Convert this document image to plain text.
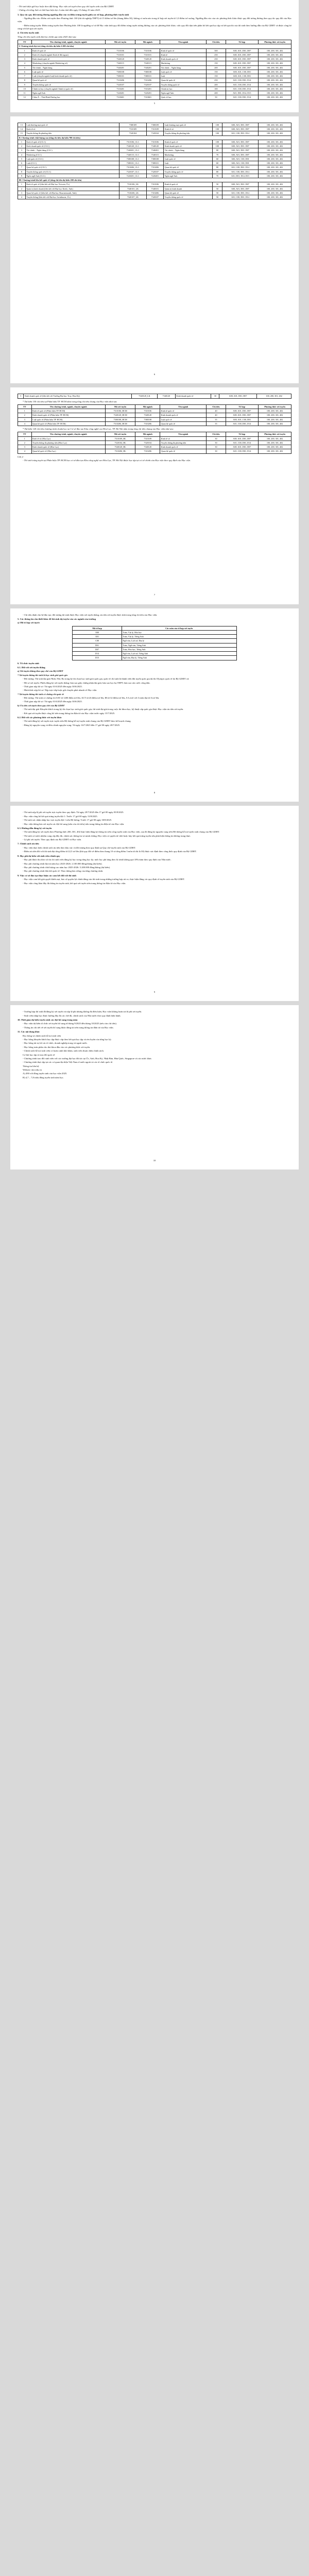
- Thí sinh diện gửi học hoặc theo đặt hàng: Học viện xét tuyển theo quy chế tuyển sinh của Bộ GDĐT.

- Chứng chỉ tiếng Anh có thời hạn hiệu lực 2 năm tính đến ngày 15 tháng 10 năm 2025.

3. Quy tắc quy đổi tương đương ngưỡng đầu vào và điểm trúng tuyển giữa các tổ hợp, phương thức tuyển sinh

- Ngưỡng đầu vào: Điểm xét tuyển theo Phương thức 100 (thi tốt nghiệp THPT) từ 15 điểm trở lên (thang điểm 30), không có môn nào trong tổ hợp xét tuyển từ 1,0 điểm trở xuống. Ngưỡng đầu vào của các phương thức khác được quy đổi tương đương theo quy tắc quy đổi của Học viện.

- Điểm trúng tuyển: Điểm trúng tuyển theo Phương thức 100 là ngưỡng cơ sở để Học viện tính quy đổi điểm trúng tuyển tương đương của các phương thức khác; việc quy đổi dựa trên phân bố kết quả học tập và kết quả thi của thí sinh theo hướng dẫn của Bộ GDĐT và được công bố cùng với kết quả xét tuyển.

4. Chỉ tiêu tuyển sinh

Tổng chỉ tiêu tuyển sinh đại học chính quy năm 2025 như sau:

TT	Tên chương trình, ngành, chuyên ngành	Mã xét tuyển	Mã ngành	Tên ngành	Chỉ tiêu	Tổ hợp	Phương thức xét tuyển
I. Chương trình đại trà (tổng chỉ tiêu dự kiến 2.200 chỉ tiêu)							
1	Kinh tế quốc tế	7310106	7310106	Kinh tế quốc tế	300	A00, A01, D01, D07	100, 200, 301, 402
2	Kinh tế (chuyên ngành Kinh tế đối ngoại)	7310101	7310101	Kinh tế	250	A00, A01, D01, D07	100, 200, 301, 402
3	Kinh doanh quốc tế	7340120	7340120	Kinh doanh quốc tế	250	A00, A01, D01, D07	100, 200, 301, 402
4	Marketing (chuyên ngành Marketing số)	7340115	7340115	Marketing	150	A00, A01, D01, D07	100, 200, 301, 402
5	Tài chính – Ngân hàng	7340201	7340201	Tài chính – Ngân hàng	200	A00, A01, D01, D07	100, 200, 301, 402
6	Luật quốc tế	7380108	7380108	Luật quốc tế	150	A00, A01, C00, D01	100, 200, 301, 402
7	Luật (chuyên ngành Luật kinh doanh quốc tế)	7380101	7380101	Luật	150	A00, A01, C00, D01	100, 200, 301, 402
8	Quan hệ quốc tế	7310206	7310206	Quan hệ quốc tế	250	A01, C00, D01, D14	100, 200, 301, 402
9	Truyền thông quốc tế	7320107	7320107	Truyền thông quốc tế	200	A01, C00, D01, D14	100, 200, 301, 402
10	Chính trị học (chuyên ngành Chính trị quốc tế)	7310201	7310201	Chính trị học	100	A01, C00, D01, D14	100, 200, 301, 402
11	Ngôn ngữ Anh	7220201	7220201	Ngôn ngữ Anh	200	A01, D01, D14, D15	100, 200, 301, 402
12	Châu Á – Thái Bình Dương học	7310601	7310601	Quốc tế học	50	A01, C00, D01, D14	100, 200, 301, 402
5
13	Luật thương mại quốc tế	7380109	7380109	Luật thương mại quốc tế	100	A00, A01, D01, D07	100, 200, 301, 402
14	Kinh tế số	7310109	7310109	Kinh tế số	100	A00, A01, D01, D07	100, 200, 301, 402
15	Truyền thông đa phương tiện	7320104	7320104	Truyền thông đa phương tiện	100	A01, C00, D01, D14	100, 200, 301, 402
II. Chương trình chất lượng cao (tổng chỉ tiêu dự kiến 700 chỉ tiêu)							
1	Kinh tế quốc tế (CLC)	7310106_CLC	7310106	Kinh tế quốc tế	100	A00, A01, D01, D07	100, 200, 301, 402
2	Kinh doanh quốc tế (CLC)	7340120_CLC	7340120	Kinh doanh quốc tế	100	A00, A01, D01, D07	100, 200, 301, 402
3	Tài chính – Ngân hàng (CLC)	7340201_CLC	7340201	Tài chính – Ngân hàng	80	A00, A01, D01, D07	100, 200, 301, 402
4	Marketing (CLC)	7340115_CLC	7340115	Marketing	70	A00, A01, D01, D07	100, 200, 301, 402
5	Luật quốc tế (CLC)	7380108_CLC	7380108	Luật quốc tế	60	A00, A01, C00, D01	100, 200, 301, 402
6	Luật (CLC)	7380101_CLC	7380101	Luật	60	A00, A01, C00, D01	100, 200, 301, 402
7	Quan hệ quốc tế (CLC)	7310206_CLC	7310206	Quan hệ quốc tế	80	A01, C00, D01, D14	100, 200, 301, 402
8	Truyền thông quốc tế (CLC)	7320107_CLC	7320107	Truyền thông quốc tế	80	A01, C00, D01, D14	100, 200, 301, 402
9	Ngôn ngữ Anh (CLC)	7220201_CLC	7220201	Ngôn ngữ Anh	70	A01, D01, D14, D15	100, 200, 301, 402
III. Chương trình liên kết quốc tế (tổng chỉ tiêu dự kiến 200 chỉ tiêu)							
1	Kinh tế quốc tế (liên kết với Đại học Victoria, Úc)	7310106_LK	7310106	Kinh tế quốc tế	50	A00, A01, D01, D07	100, 200, 301, 402
2	Quản trị kinh doanh (liên kết với Đại học Keele, Anh)	7340101_LK	7340101	Quản trị kinh doanh	50	A00, A01, D01, D07	100, 200, 301, 402
3	Quan hệ quốc tế (liên kết với Đại học Bournemouth, Anh)	7310206_LK	7310206	Quan hệ quốc tế	50	A01, C00, D01, D14	100, 200, 301, 402
4	Truyền thông (liên kết với Đại học Swinburne, Úc)	7320107_LK	7320107	Truyền thông quốc tế	50	A01, C00, D01, D14	100, 200, 301, 402
6
5	Kinh doanh quốc tế (liên kết với Trường Đại học Troy, Hoa Kỳ)	7340120_LK	7340120	Kinh doanh quốc tế	30	A00, A01, D01, D07	100, 200, 301, 402

* Dự kiến 150 chỉ tiêu tại Phân hiệu TP. HCM nằm trong tổng chỉ tiêu chung của Học viện như sau:

TT	Tên chương trình, ngành, chuyên ngành	Mã xét tuyển	Mã ngành	Tên ngành	Chỉ tiêu	Tổ hợp	Phương thức xét tuyển
1	Kinh tế quốc tế (Phân hiệu TP. HCM)	7310106_HCM	7310106	Kinh tế quốc tế	40	A00, A01, D01, D07	100, 200, 301, 402
2	Kinh doanh quốc tế (Phân hiệu TP. HCM)	7340120_HCM	7340120	Kinh doanh quốc tế	40	A00, A01, D01, D07	100, 200, 301, 402
3	Luật quốc tế (Phân hiệu TP. HCM)	7380108_HCM	7380108	Luật quốc tế	35	A00, A01, C00, D01	100, 200, 301, 402
4	Quan hệ quốc tế (Phân hiệu TP. HCM)	7310206_HCM	7310206	Quan hệ quốc tế	35	A01, C00, D01, D14	100, 200, 301, 402

* Dự kiến 120 chỉ tiêu chương trình chuẩn học tại Cơ sở đào tạo Khu công nghệ cao Hòa Lạc, TP. Hà Nội nằm trong tổng chỉ tiêu chung của Học viện như sau:

TT	Tên chương trình, ngành, chuyên ngành	Mã xét tuyển	Mã ngành	Tên ngành	Chỉ tiêu	Tổ hợp	Phương thức xét tuyển
1	Kinh tế số (Hòa Lạc)	7310109_HL	7310109	Kinh tế số	30	A00, A01, D01, D07	100, 200, 301, 402
2	Truyền thông đa phương tiện (Hòa Lạc)	7320104_HL	7320104	Truyền thông đa phương tiện	30	A01, C00, D01, D14	100, 200, 301, 402
3	Kinh doanh quốc tế (Hòa Lạc)	7340120_HL	7340120	Kinh doanh quốc tế	30	A00, A01, D01, D07	100, 200, 301, 402
4	Quan hệ quốc tế (Hòa Lạc)	7310206_HL	7310206	Quan hệ quốc tế	30	A01, C00, D01, D14	100, 200, 301, 402

Lưu ý:

- Thí sinh trúng tuyển tại Phân hiệu TP. HCM học cơ sở đào tạo Khu công nghệ cao Hòa Lạc, TP. Hà Nội được học tập tại cơ sở chính của Học viện theo quy định của Học viện.

7

- Chỉ tiêu dành cho hệ đào tạo; đối tượng thí sinh được Học viện xét tuyển thẳng, ưu tiên xét tuyển được tính trong tổng chỉ tiêu của Học viện.

5. Các thông tin cần thiết khác để thí sinh dự tuyển vào các ngành của trường

a) Mã tổ hợp xét tuyển

Mã tổ hợp	Các môn của tổ hợp xét tuyển
A00	Toán, Vật lý, Hóa học
A01	Toán, Vật lý, Tiếng Anh
C00	Ngữ văn, Lịch sử, Địa lý
D01	Toán, Ngữ văn, Tiếng Anh
D07	Toán, Hóa học, Tiếng Anh
D14	Ngữ văn, Lịch sử, Tiếng Anh
D15	Ngữ văn, Địa lý, Tiếng Anh

6. Tổ chức tuyển sinh

6.1. Đối với xét tuyển thẳng

a) Xét tuyển thẳng theo quy chế của Bộ GDĐT

* Xét tuyển thẳng thí sinh là học sinh giỏi quốc gia

- Đối tượng: Thí sinh đạt giải Nhất, Nhì, Ba trong kỳ thi chọn học sinh giỏi quốc gia, quốc tế; thí sinh là thành viên đội tuyển quốc gia dự thi Olympic quốc tế do Bộ GDĐT cử.

- Hồ sơ xét tuyển: Phiếu đăng ký xét tuyển thẳng; bản sao giấy chứng nhận đạt giải; bản sao học bạ THPT; bản sao căn cước công dân.

- Thời gian nộp hồ sơ: Từ ngày 01/6/2025 đến ngày 30/6/2025.

- Hình thức nộp hồ sơ: Nộp trực tiếp hoặc gửi chuyển phát nhanh về Học viện.

* Xét tuyển thẳng thí sinh có chứng chỉ quốc tế

- Đối tượng: Thí sinh có chứng chỉ SAT từ 1200 điểm trở lên, ACT từ 26 điểm trở lên, IB từ 32 điểm trở lên, A-Level với 3 môn đạt từ A trở lên.

- Thời gian nộp hồ sơ: Từ ngày 01/6/2025 đến ngày 30/6/2025.

b) Ưu tiên xét tuyển theo quy chế của Bộ GDĐT

- Thí sinh đạt giải Khuyến khích trong kỳ thi chọn học sinh giỏi quốc gia; thí sinh đạt giải trong cuộc thi khoa học, kỹ thuật cấp quốc gia được Học viện ưu tiên xét tuyển.

- Kết quả xét tuyển được công bố trên trang thông tin điện tử của Học viện trước ngày 15/7/2025.

6.2. Đối với các phương thức xét tuyển khác

- Thí sinh đăng ký xét tuyển trực tuyến trên Hệ thống hỗ trợ tuyển sinh chung của Bộ GDĐT theo kế hoạch chung.

- Đăng ký nguyện vọng và điều chỉnh nguyện vọng: Từ ngày 16/7/2025 đến 17 giờ 00 ngày 28/7/2025.

8

- Thí sinh nộp lệ phí xét tuyển trực tuyến theo quy định: Từ ngày 29/7/2025 đến 17 giờ 00 ngày 05/8/2025.

- Học viện công bố kết quả trúng tuyển đợt 1: Trước 17 giờ 00 ngày 13/8/2025.

- Thí sinh xác nhận nhập học trực tuyến đợt 1 trên Hệ thống: Trước 17 giờ 00 ngày 30/8/2025.

- Học viện thông báo xét tuyển các đợt bổ sung (nếu còn chỉ tiêu) trên trang thông tin điện tử của Học viện.

6.3. Hướng dẫn đăng ký xét tuyển

- Thí sinh đăng ký xét tuyển theo Phương thức 200, 301, 402 thực hiện đăng ký thông tin trên cổng tuyển sinh của Học viện, sau đó đăng ký nguyện vọng trên Hệ thống hỗ trợ tuyển sinh chung của Bộ GDĐT.

- Thí sinh có trách nhiệm cung cấp đầy đủ, chính xác thông tin và minh chứng; Học viện có quyền từ chối hoặc hủy kết quả trúng tuyển nếu phát hiện thông tin không trung thực.

- Lệ phí xét tuyển: Theo quy định của Bộ GDĐT và Học viện.

7. Chính sách ưu tiên

- Học viện thực hiện chính sách ưu tiên theo khu vực và đối tượng theo quy định tại Quy chế tuyển sinh của Bộ GDĐT.

- Điểm ưu tiên đối với thí sinh đạt tổng điểm từ 22,5 trở lên (khi quy đổi về điểm theo thang 10 và tổng điểm 3 môn tối đa là 30) được xác định theo công thức quy định của Bộ GDĐT.

8. Học phí dự kiến với sinh viên chính quy

- Học phí được thu theo số tín chỉ sinh viên đăng ký học trong từng học kỳ; mức học phí tăng theo lộ trình không quá 10%/năm theo quy định của Nhà nước.

- Học phí chương trình đại trà năm học 2025-2026: 2.100.000 đồng/tháng (dự kiến).

- Học phí chương trình chất lượng cao năm học 2025-2026: 5.200.000 đồng/tháng (dự kiến).

- Học phí chương trình liên kết quốc tế: Theo thông báo riêng của từng chương trình.

9. Việc cơ sở đào tạo thực hiện các cam kết đối với thí sinh

- Học viện cam kết giải quyết khiếu nại, bảo vệ quyền lợi chính đáng của thí sinh trong những trường hợp rủi ro; thực hiện đúng các quy định về tuyển sinh của Bộ GDĐT.

- Học viện công khai đầy đủ thông tin tuyển sinh, kết quả xét tuyển trên trang thông tin điện tử của Học viện.

9

- Trường hợp thí sinh đã đăng ký xét tuyển và nộp lệ phí nhưng không đủ điều kiện, Học viện không hoàn trả lệ phí xét tuyển.

- Sinh viên nhập học được hưởng đầy đủ các chế độ, chính sách của Nhà nước theo quy định hiện hành.

10. Thời gian dự kiến tuyển sinh các đợt bổ sung trong năm

- Học viện dự kiến tổ chức xét tuyển bổ sung từ tháng 9/2025 đến tháng 10/2025 (nếu còn chỉ tiêu).

- Thông tin chi tiết về xét tuyển bổ sung được đăng tải trên trang thông tin điện tử của Học viện.

11. Các nội dung khác

Học bổng và chính sách hỗ trợ sinh viên

- Học bổng khuyến khích học tập được cấp theo kết quả học tập và rèn luyện của từng học kỳ.

- Học bổng tài trợ từ các tổ chức, doanh nghiệp trong và ngoài nước.

- Học bổng toàn phần cho thủ khoa đầu vào các phương thức xét tuyển.

- Chính sách hỗ trợ sinh viên có hoàn cảnh khó khăn, sinh viên thuộc diện chính sách.

Cơ hội học tập và trao đổi quốc tế

- Chương trình trao đổi sinh viên với các trường đại học đối tác tại Úc, Anh, Hoa Kỳ, Nhật Bản, Hàn Quốc, Singapore và các nước khác.

- Chương trình thực tập tại các cơ quan đại diện Việt Nam ở nước ngoài và các tổ chức quốc tế.

Thông tin liên hệ

Website: dav.edu.vn

A) 490 với đồng tuyển sinh của học viện 2025.

B) 4,7 – 7,8 triệu đồng tuyển sinh năm học.

10
